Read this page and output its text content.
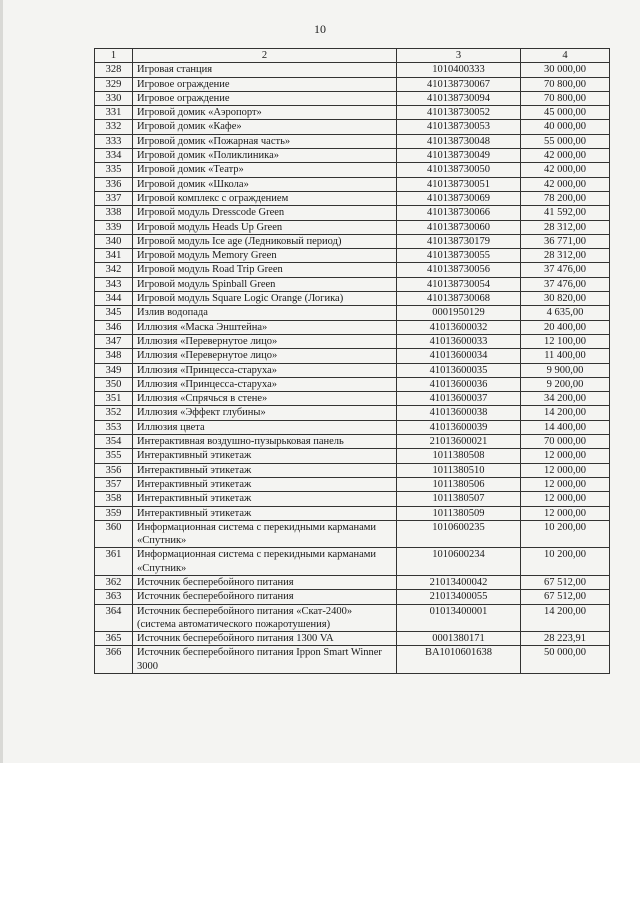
10
1	2	3	4
328	Игровая станция	1010400333	30 000,00
329	Игровое ограждение	410138730067	70 800,00
330	Игровое ограждение	410138730094	70 800,00
331	Игровой домик «Аэропорт»	410138730052	45 000,00
332	Игровой домик «Кафе»	410138730053	40 000,00
333	Игровой домик «Пожарная часть»	410138730048	55 000,00
334	Игровой домик «Поликлиника»	410138730049	42 000,00
335	Игровой домик «Театр»	410138730050	42 000,00
336	Игровой домик «Школа»	410138730051	42 000,00
337	Игровой комплекс с ограждением	410138730069	78 200,00
338	Игровой модуль Dresscode Green	410138730066	41 592,00
339	Игровой модуль Heads Up Green	410138730060	28 312,00
340	Игровой модуль Ice age (Ледниковый период)	410138730179	36 771,00
341	Игровой модуль Memory Green	410138730055	28 312,00
342	Игровой модуль Road Trip Green	410138730056	37 476,00
343	Игровой модуль Spinball Green	410138730054	37 476,00
344	Игровой модуль Square Logic Orange (Логика)	410138730068	30 820,00
345	Излив водопада	0001950129	4 635,00
346	Иллюзия «Маска Энштейна»	41013600032	20 400,00
347	Иллюзия «Перевернутое лицо»	41013600033	12 100,00
348	Иллюзия «Перевернутое лицо»	41013600034	11 400,00
349	Иллюзия «Принцесса-старуха»	41013600035	9 900,00
350	Иллюзия «Принцесса-старуха»	41013600036	9 200,00
351	Иллюзия «Спрячься в стене»	41013600037	34 200,00
352	Иллюзия «Эффект глубины»	41013600038	14 200,00
353	Иллюзия цвета	41013600039	14 400,00
354	Интерактивная воздушно-пузырьковая панель	21013600021	70 000,00
355	Интерактивный этикетаж	1011380508	12 000,00
356	Интерактивный этикетаж	1011380510	12 000,00
357	Интерактивный этикетаж	1011380506	12 000,00
358	Интерактивный этикетаж	1011380507	12 000,00
359	Интерактивный этикетаж	1011380509	12 000,00
360	Информационная система с перекидными карманами «Спутник»	1010600235	10 200,00
361	Информационная система с перекидными карманами «Спутник»	1010600234	10 200,00
362	Источник бесперебойного питания	21013400042	67 512,00
363	Источник бесперебойного питания	21013400055	67 512,00
364	Источник бесперебойного питания «Скат-2400» (система автоматического пожаротушения)	01013400001	14 200,00
365	Источник бесперебойного питания 1300 VA	0001380171	28 223,91
366	Источник бесперебойного питания Ippon Smart Winner 3000	BA1010601638	50 000,00
